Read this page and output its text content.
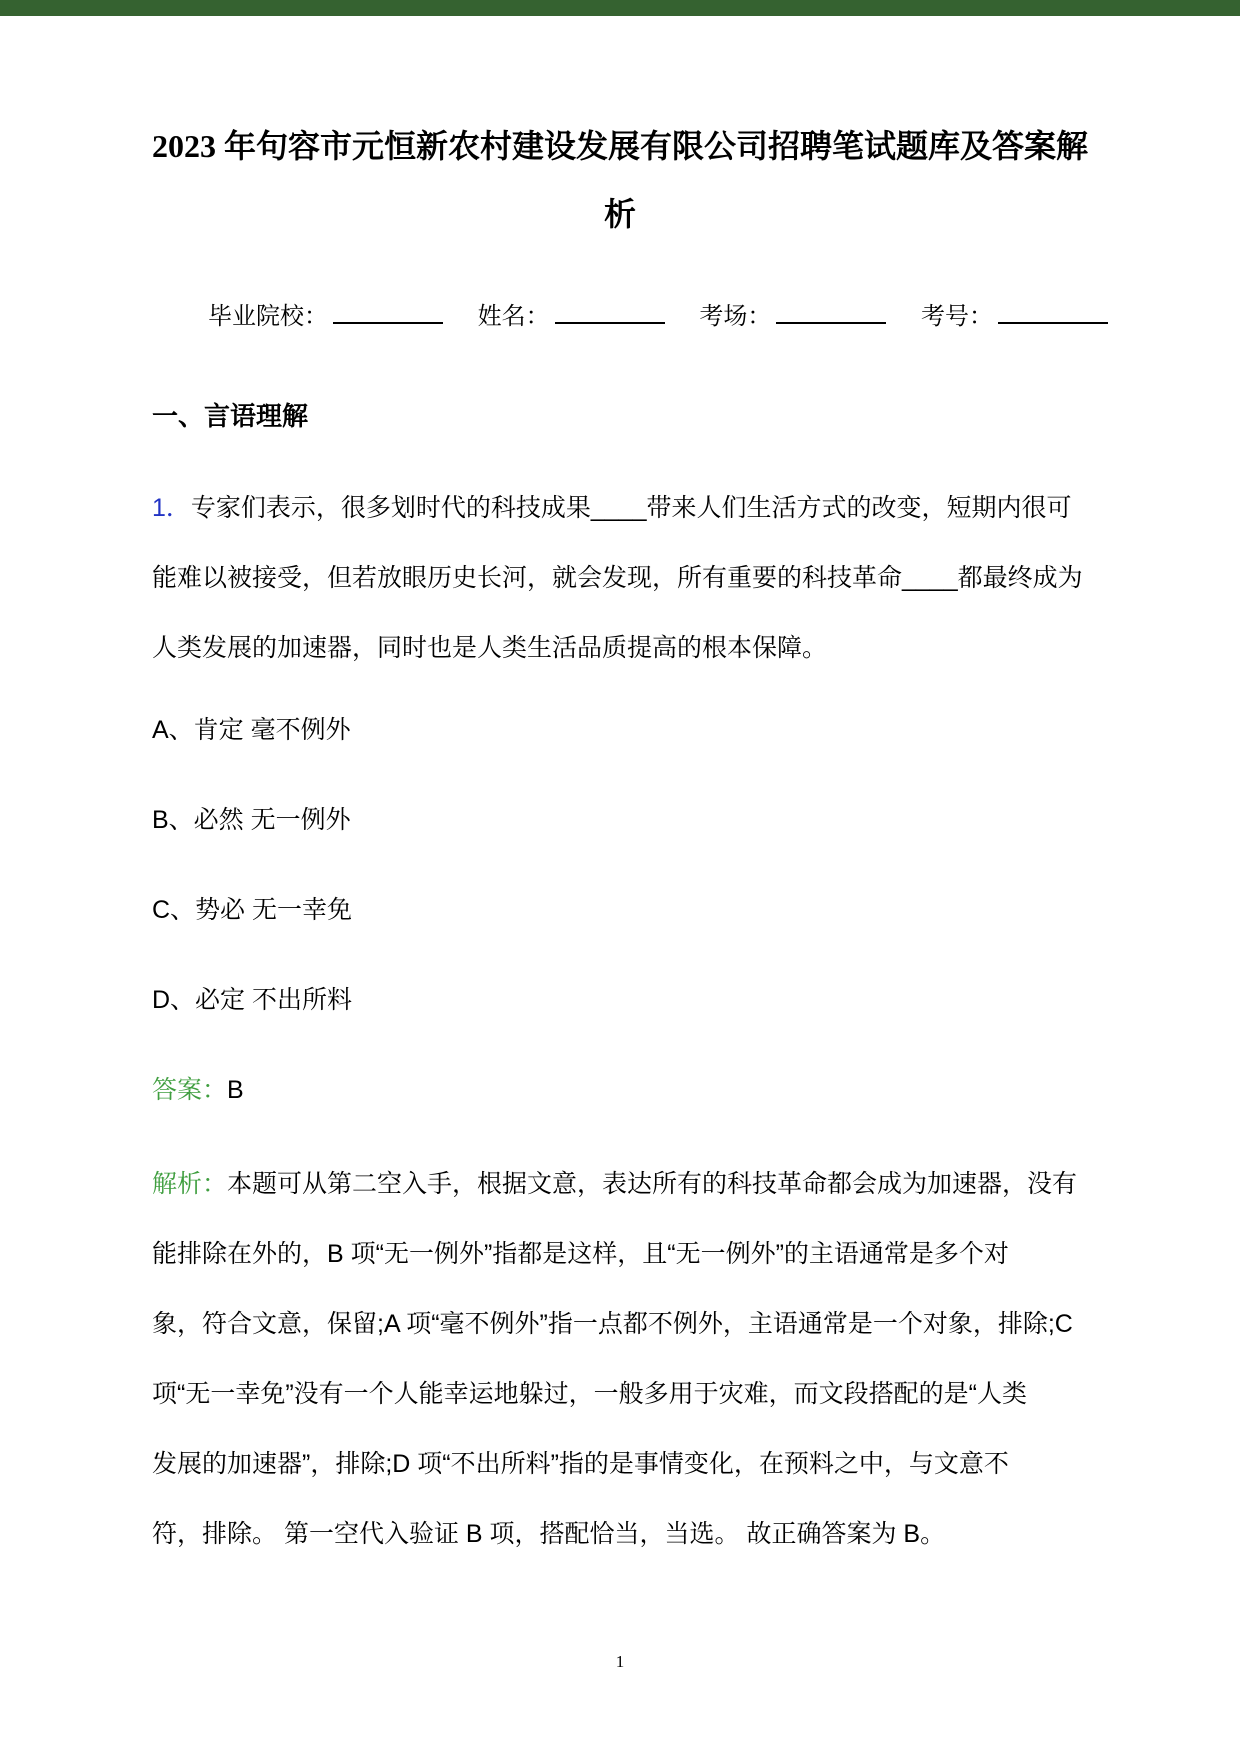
2023 年句容市元恒新农村建设发展有限公司招聘笔试题库及答案解
析
毕业院校：	姓名：	考场：	考号：
一、言语理解
1．专家们表示，很多划时代的科技成果____带来人们生活方式的改变，短期内很可
能难以被接受，但若放眼历史长河，就会发现，所有重要的科技革命____都最终成为
人类发展的加速器，同时也是人类生活品质提高的根本保障。
A、肯定 毫不例外
B、必然 无一例外
C、势必 无一幸免
D、必定 不出所料
答案：B
解析：本题可从第二空入手，根据文意，表达所有的科技革命都会成为加速器，没有
能排除在外的，B 项“无一例外”指都是这样，且“无一例外”的主语通常是多个对
象，符合文意，保留;A 项“毫不例外”指一点都不例外，主语通常是一个对象，排除;C
项“无一幸免”没有一个人能幸运地躲过，一般多用于灾难，而文段搭配的是“人类
发展的加速器”，排除;D 项“不出所料”指的是事情变化，在预料之中，与文意不
符，排除。 第一空代入验证 B 项，搭配恰当，当选。 故正确答案为 B。
1
